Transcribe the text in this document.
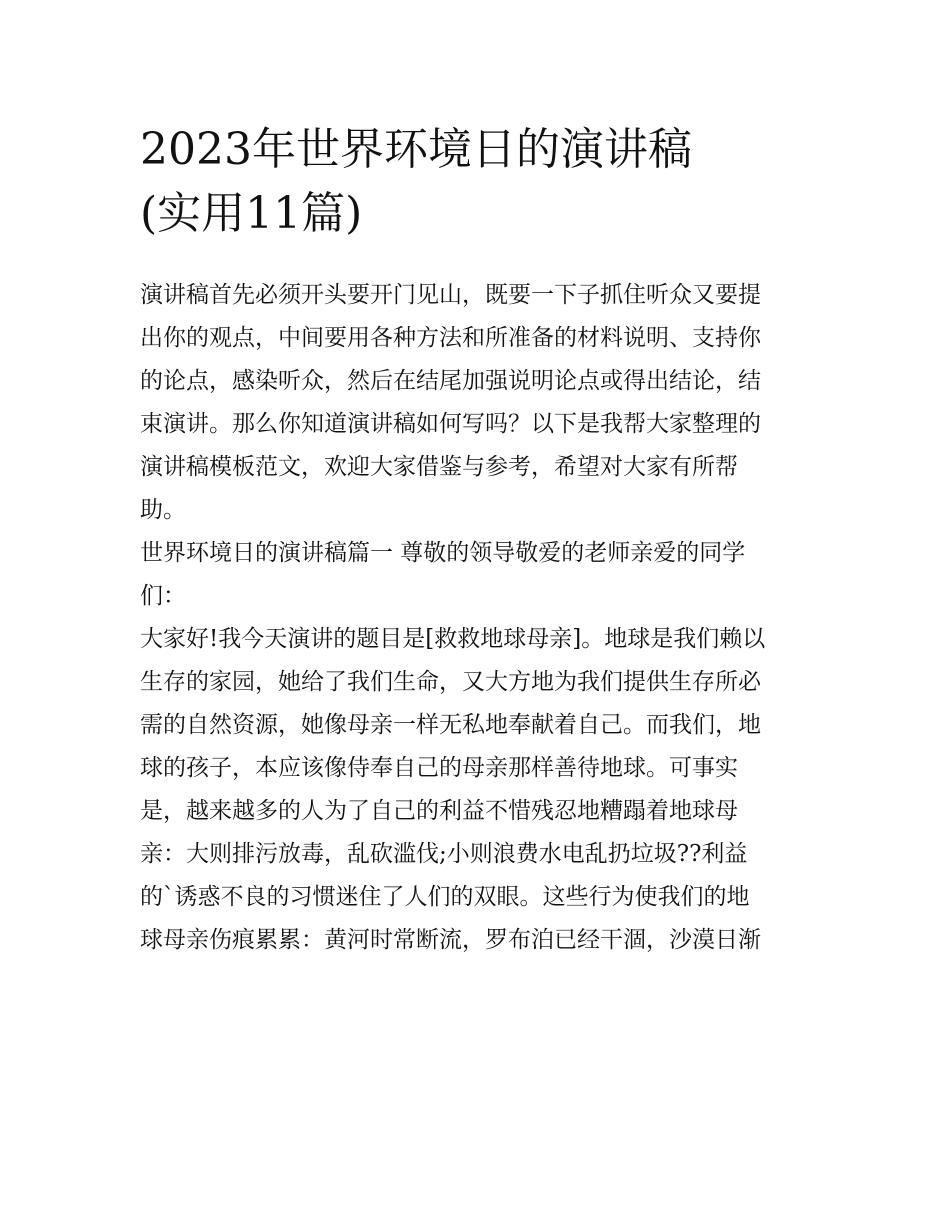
2023年世界环境日的演讲稿
(实用11篇)

演讲稿首先必须开头要开门见山，既要一下子抓住听众又要提
出你的观点，中间要用各种方法和所准备的材料说明、支持你
的论点，感染听众，然后在结尾加强说明论点或得出结论，结
束演讲。那么你知道演讲稿如何写吗？以下是我帮大家整理的
演讲稿模板范文，欢迎大家借鉴与参考，希望对大家有所帮
助。

世界环境日的演讲稿篇一 尊敬的领导敬爱的老师亲爱的同学
们：

大家好!我今天演讲的题目是[救救地球母亲]。地球是我们赖以
生存的家园，她给了我们生命，又大方地为我们提供生存所必
需的自然资源，她像母亲一样无私地奉献着自己。而我们，地
球的孩子，本应该像侍奉自己的母亲那样善待地球。可事实
是，越来越多的人为了自己的利益不惜残忍地糟蹋着地球母
亲：大则排污放毒，乱砍滥伐;小则浪费水电乱扔垃圾??利益
的`诱惑不良的习惯迷住了人们的双眼。这些行为使我们的地
球母亲伤痕累累：黄河时常断流，罗布泊已经干涸，沙漠日渐
